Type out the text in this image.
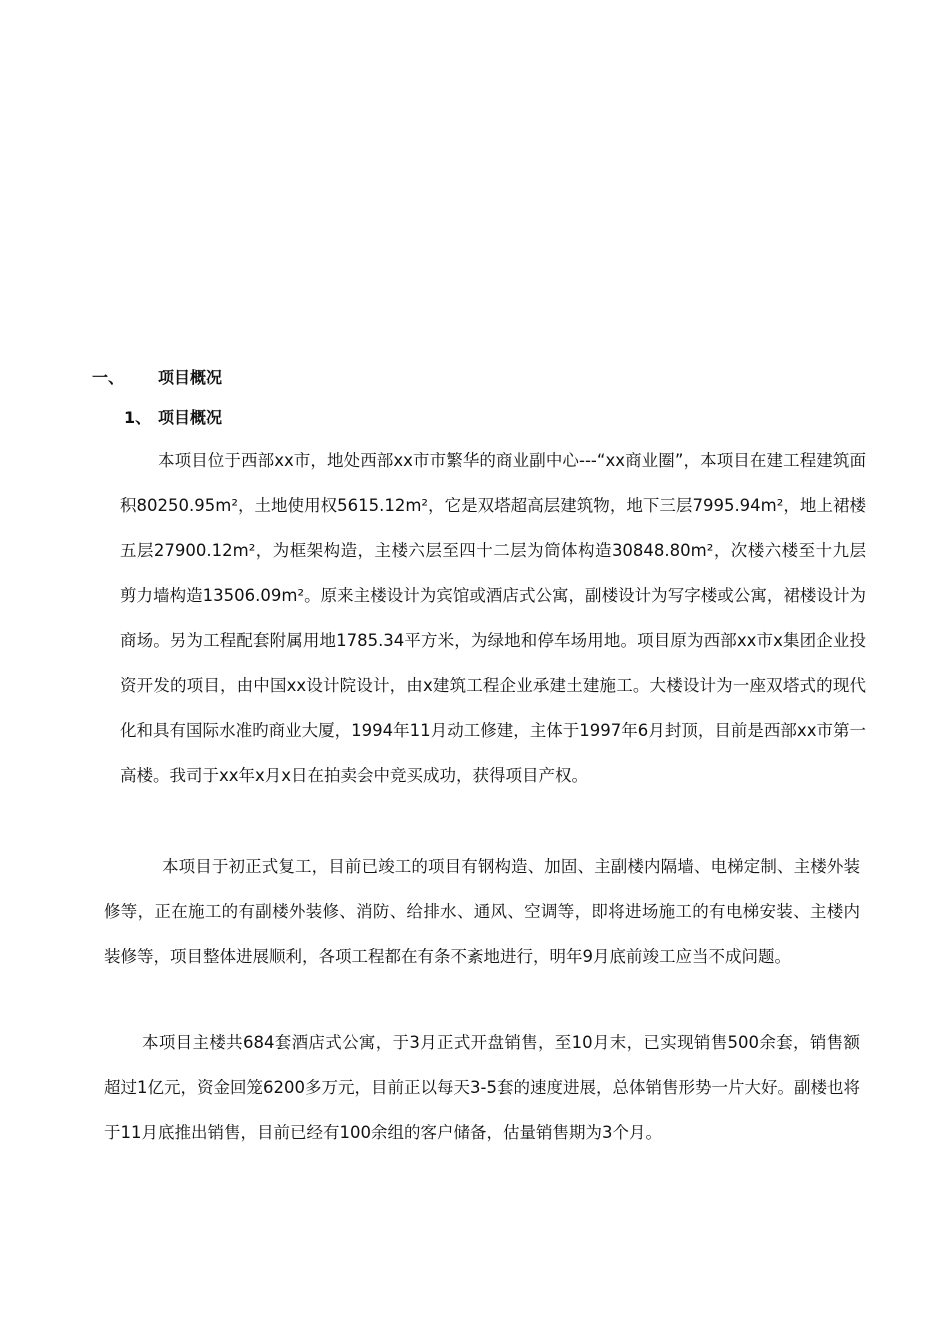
一、 项目概况
1、 项目概况

本项目位于西部xx市，地处西部xx市市繁华的商业副中心---“xx商业圈”，本项目在建工程建筑面积80250.95m²，土地使用权5615.12m²，它是双塔超高层建筑物，地下三层7995.94m²，地上裙楼五层27900.12m²，为框架构造，主楼六层至四十二层为筒体构造30848.80m²，次楼六楼至十九层剪力墙构造13506.09m²。原来主楼设计为宾馆或酒店式公寓，副楼设计为写字楼或公寓，裙楼设计为商场。另为工程配套附属用地1785.34平方米，为绿地和停车场用地。项目原为西部xx市x集团企业投资开发的项目，由中国xx设计院设计，由x建筑工程企业承建土建施工。大楼设计为一座双塔式的现代化和具有国际水准旳商业大厦，1994年11月动工修建，主体于1997年6月封顶，目前是西部xx市第一高楼。我司于xx年x月x日在拍卖会中竞买成功，获得项目产权。

本项目于初正式复工，目前已竣工的项目有钢构造、加固、主副楼内隔墙、电梯定制、主楼外装修等，正在施工的有副楼外装修、消防、给排水、通风、空调等，即将进场施工的有电梯安装、主楼内装修等，项目整体进展顺利，各项工程都在有条不紊地进行，明年9月底前竣工应当不成问题。

本项目主楼共684套酒店式公寓，于3月正式开盘销售，至10月末，已实现销售500余套，销售额超过1亿元，资金回笼6200多万元，目前正以每天3-5套的速度进展，总体销售形势一片大好。副楼也将于11月底推出销售，目前已经有100余组的客户储备，估量销售期为3个月。
